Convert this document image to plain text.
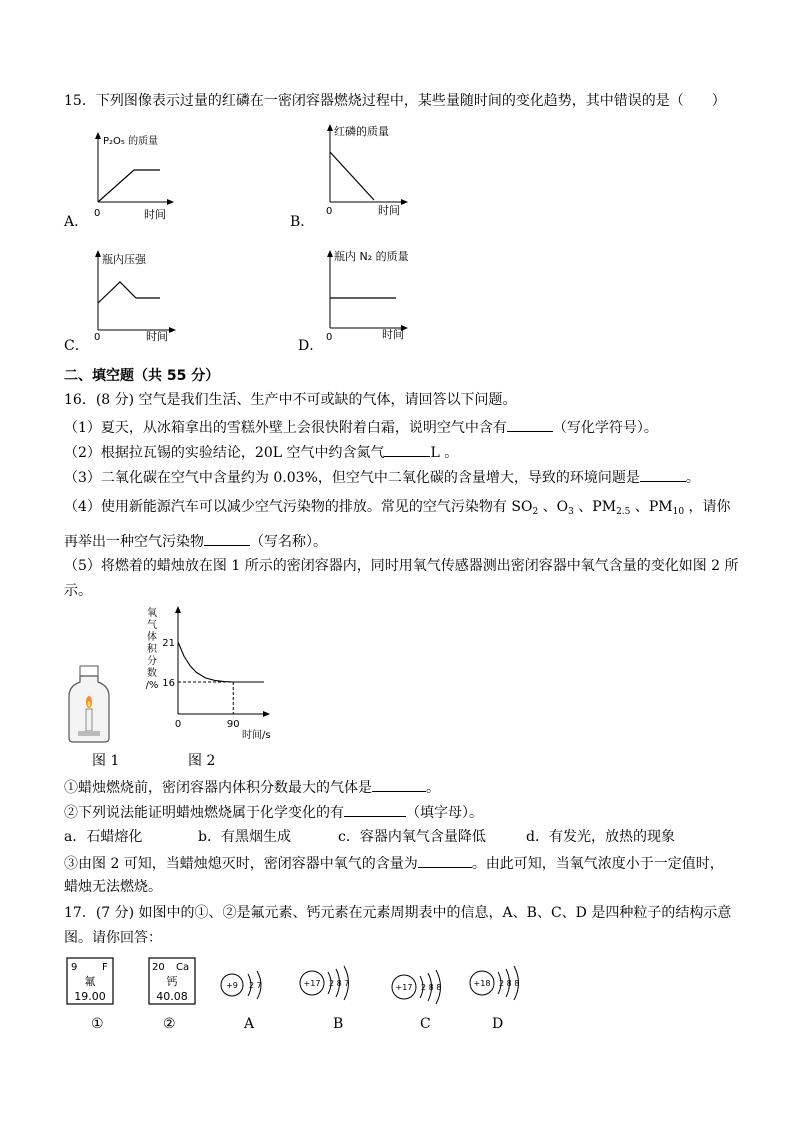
15．下列图像表示过量的红磷在一密闭容器燃烧过程中，某些量随时间的变化趋势，其中错误的是（　　）
P₂O₅ 的质量
0	时间
A．
红磷的质量
0	时间
B．
瓶内压强
0	时间
C．
瓶内 N₂ 的质量
0	时间
D．
二、填空题（共 55 分）
16．(8 分) 空气是我们生活、生产中不可或缺的气体，请回答以下问题。
（1）夏天，从冰箱拿出的雪糕外壁上会很快附着白霜，说明空气中含有	（写化学符号）。
（2）根据拉瓦锡的实验结论，20L 空气中约含氮气	L 。
（3）二氧化碳在空气中含量约为 0.03%，但空气中二氧化碳的含量增大，导致的环境问题是	。
（4）使用新能源汽车可以减少空气污染物的排放。常见的空气污染物有 $SO_2$ 、$O_3$ 、$PM_{2.5}$ 、$PM_{10}$ ，请你
再举出一种空气污染物	（写名称）。
（5）将燃着的蜡烛放在图 1 所示的密闭容器内，同时用氧气传感器测出密闭容器中氧气含量的变化如图 2 所
示。
图 1
氧
气
体
积
分
数
/%
21
16
0	90
时间/s
图 2
①蜡烛燃烧前，密闭容器内体积分数最大的气体是	。
②下列说法能证明蜡烛燃烧属于化学变化的有	（填字母）。
a．石蜡熔化	b．有黑烟生成	c．容器内氧气含量降低	d．有发光，放热的现象
③由图 2 可知，当蜡烛熄灭时，密闭容器中氧气的含量为	。由此可知，当氧气浓度小于一定值时，
蜡烛无法燃烧。
17．(7 分) 如图中的①、②是氟元素、钙元素在元素周期表中的信息，A、B、C、D 是四种粒子的结构示意
图。请你回答：
9 F
氟
19.00
①
20 Ca
钙
40.08
②
+9 2 7
A
+17 2 8 7
B
+17 2 8 8
C
+18 2 8 8
D
